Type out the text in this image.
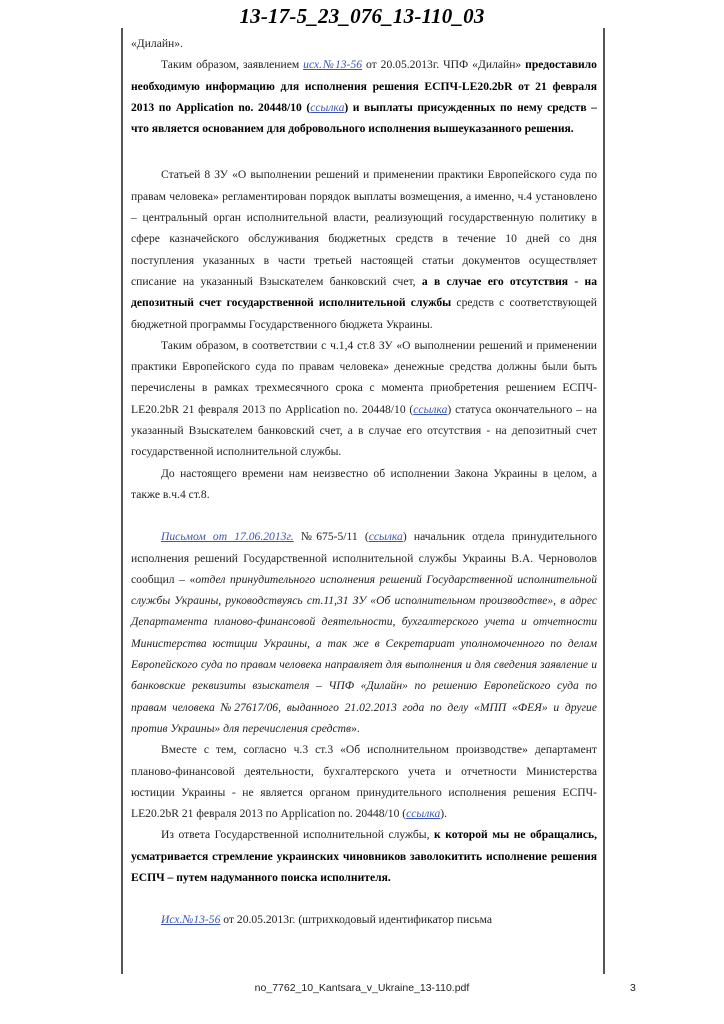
13-17-5_23_076_13-110_03

«Дилайн».

Таким образом, заявлением исх.№13-56 от 20.05.2013г. ЧПФ «Дилайн» предоставило необходимую информацию для исполнения решения ЕСПЧ-LE20.2bR от 21 февраля 2013 по Application no. 20448/10 (ссылка) и выплаты присужденных по нему средств – что является основанием для добровольного исполнения вышеуказанного решения.

Статьей 8 ЗУ «О выполнении решений и применении практики Европейского суда по правам человека» регламентирован порядок выплаты возмещения, а именно, ч.4 установлено – центральный орган исполнительной власти, реализующий государственную политику в сфере казначейского обслуживания бюджетных средств в течение 10 дней со дня поступления указанных в части третьей настоящей статьи документов осуществляет списание на указанный Взыскателем банковский счет, а в случае его отсутствия - на депозитный счет государственной исполнительной службы средств с соответствующей бюджетной программы Государственного бюджета Украины.

Таким образом, в соответствии с ч.1,4 ст.8 ЗУ «О выполнении решений и применении практики Европейского суда по правам человека» денежные средства должны были быть перечислены в рамках трехмесячного срока с момента приобретения решением ЕСПЧ-LE20.2bR 21 февраля 2013 по Application no. 20448/10 (ссылка) статуса окончательного – на указанный Взыскателем банковский счет, а в случае его отсутствия - на депозитный счет государственной исполнительной службы.

До настоящего времени нам неизвестно об исполнении Закона Украины в целом, а также в.ч.4 ст.8.

Письмом от 17.06.2013г. №675-5/11 (ссылка) начальник отдела принудительного исполнения решений Государственной исполнительной службы Украины В.А. Черноволов сообщил – «отдел принудительного исполнения решений Государственной исполнительной службы Украины, руководствуясь ст.11,31 ЗУ «Об исполнительном производстве», в адрес Департамента планово-финансовой деятельности, бухгалтерского учета и отчетности Министерства юстиции Украины, а так же в Секретариат уполномоченного по делам Европейского суда по правам человека направляет для выполнения и для сведения заявление и банковские реквизиты взыскателя – ЧПФ «Дилайн» по решению Европейского суда по правам человека №27617/06, выданного 21.02.2013 года по делу «МПП «ФЕЯ» и другие против Украины» для перечисления средств».

Вместе с тем, согласно ч.3 ст.3 «Об исполнительном производстве» департамент планово-финансовой деятельности, бухгалтерского учета и отчетности Министерства юстиции Украины - не является органом принудительного исполнения решения ЕСПЧ-LE20.2bR 21 февраля 2013 по Application no. 20448/10 (ссылка).

Из ответа Государственной исполнительной службы, к которой мы не обращались, усматривается стремление украинских чиновников заволокитить исполнение решения ЕСПЧ – путем надуманного поиска исполнителя.

Исх.№13-56 от 20.05.2013г. (штрихкодовый идентификатор письма

no_7762_10_Kantsara_v_Ukraine_13-110.pdf	3
